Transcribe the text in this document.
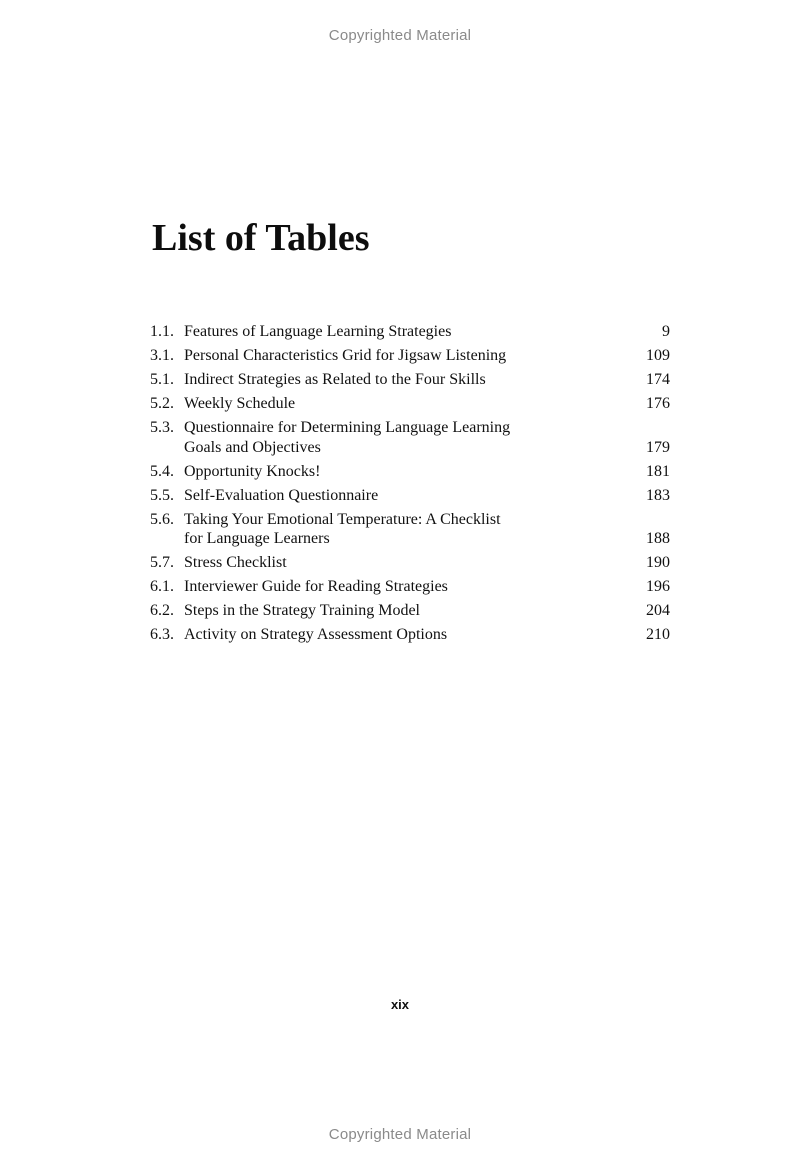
Copyrighted Material
List of Tables
1.1. Features of Language Learning Strategies	9
3.1. Personal Characteristics Grid for Jigsaw Listening	109
5.1. Indirect Strategies as Related to the Four Skills	174
5.2. Weekly Schedule	176
5.3. Questionnaire for Determining Language Learning
Goals and Objectives	179
5.4. Opportunity Knocks!	181
5.5. Self-Evaluation Questionnaire	183
5.6. Taking Your Emotional Temperature: A Checklist
for Language Learners	188
5.7. Stress Checklist	190
6.1. Interviewer Guide for Reading Strategies	196
6.2. Steps in the Strategy Training Model	204
6.3. Activity on Strategy Assessment Options	210
xix
Copyrighted Material
